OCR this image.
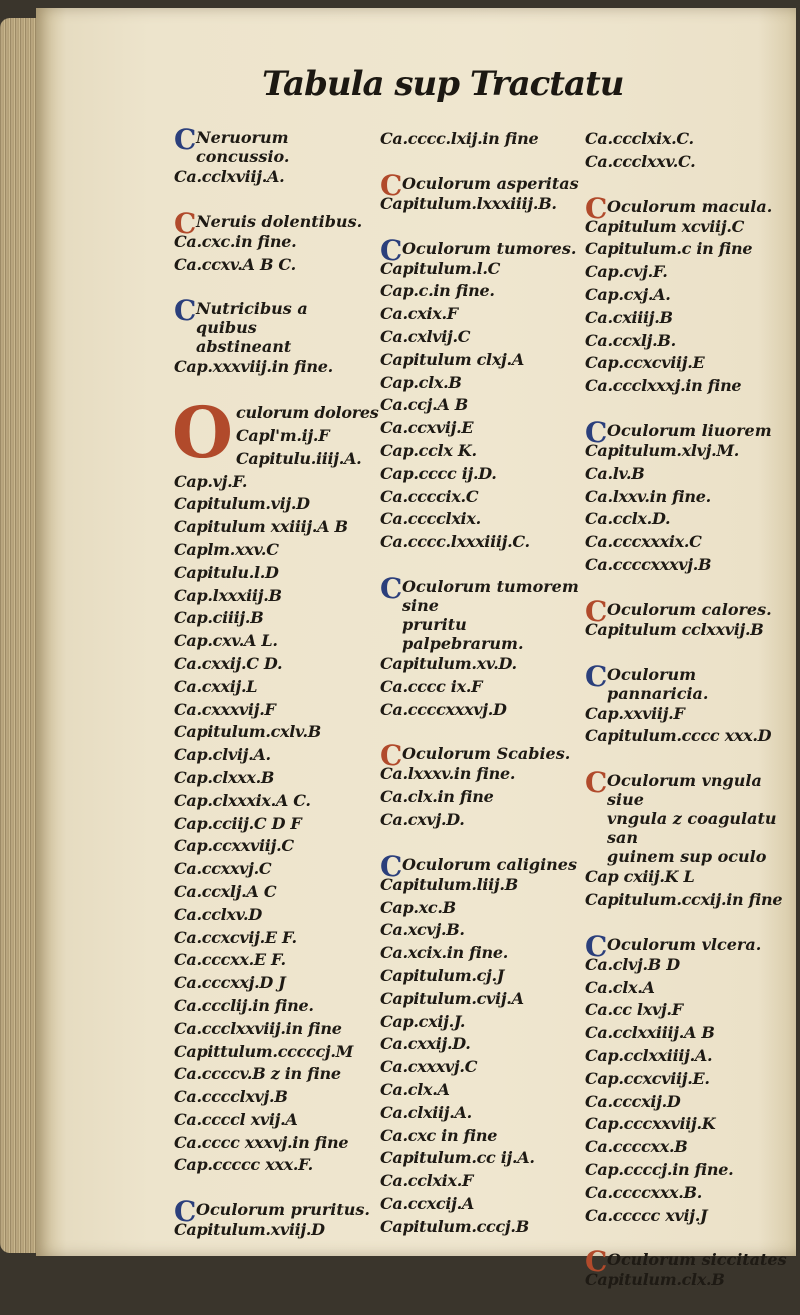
Tabula sup Tractatu
C Neruorum concussio.
Ca.cclxviij.A.
C Neruis dolentibus.
Ca.cxc.in fine.
Ca.ccxv.A B C.
C Nutricibus a quibus
abstineant
Cap.xxxviij.in fine.
O culorum dolores
Capl'm.ij.F
Capitulu.iiij.A.
Cap.vj.F.
Capitulum.vij.D
Capitulum xxiiij.A B
Caplm.xxv.C
Capitulu.l.D
Cap.lxxxiij.B
Cap.ciiij.B
Cap.cxv.A L.
Ca.cxxij.C D.
Ca.cxxij.L
Ca.cxxxvij.F
Capitulum.cxlv.B
Cap.clvij.A.
Cap.clxxx.B
Cap.clxxxix.A C.
Cap.cciij.C D F
Cap.ccxxviij.C
Ca.ccxxvj.C
Ca.ccxlj.A C
Ca.cclxv.D
Ca.ccxcvij.E F.
Ca.cccxx.E F.
Ca.cccxxj.D J
Ca.ccclij.in fine.
Ca.ccclxxviij.in fine
Capittulum.cccccj.M
Ca.ccccv.B z in fine
Ca.cccclxvj.B
Ca.ccccl xvij.A
Ca.cccc xxxvj.in fine
Cap.ccccc xxx.F.
C Oculorum pruritus.
Capitulum.xviij.D
Ca.cccc.lxij.in fine
C Oculorum asperitas
Capitulum.lxxxiiij.B.
C Oculorum tumores.
Capitulum.l.C
Cap.c.in fine.
Ca.cxix.F
Ca.cxlvij.C
Capitulum clxj.A
Cap.clx.B
Ca.ccj.A B
Ca.ccxvij.E
Cap.cclx K.
Cap.cccc ij.D.
Ca.ccccix.C
Ca.cccclxix.
Ca.cccc.lxxxiiij.C.
C Oculorum tumorem sine
pruritu palpebrarum.
Capitulum.xv.D.
Ca.cccc ix.F
Ca.ccccxxxvj.D
C Oculorum Scabies.
Ca.lxxxv.in fine.
Ca.clx.in fine
Ca.cxvj.D.
C Oculorum caligines
Capitulum.liij.B
Cap.xc.B
Ca.xcvj.B.
Ca.xcix.in fine.
Capitulum.cj.J
Capitulum.cvij.A
Cap.cxij.J.
Ca.cxxij.D.
Ca.cxxxvj.C
Ca.clx.A
Ca.clxiij.A.
Ca.cxc in fine
Capitulum.cc ij.A.
Ca.cclxix.F
Ca.ccxcij.A
Capitulum.cccj.B
Ca.ccclxix.C.
Ca.ccclxxv.C.
C Oculorum macula.
Capitulum xcviij.C
Capitulum.c in fine
Cap.cvj.F.
Cap.cxj.A.
Ca.cxiiij.B
Ca.ccxlj.B.
Cap.ccxcviij.E
Ca.ccclxxxj.in fine
C Oculorum liuorem
Capitulum.xlvj.M.
Ca.lv.B
Ca.lxxv.in fine.
Ca.cclx.D.
Ca.cccxxxix.C
Ca.ccccxxxvj.B
C Oculorum calores.
Capitulum cclxxvij.B
C Oculorum pannaricia.
Cap.xxviij.F
Capitulum.cccc xxx.D
C Oculorum vngula siue
vngula z coagulatu san
guinem sup oculo
Cap cxiij.K L
Capitulum.ccxij.in fine
C Oculorum vlcera.
Ca.clvj.B D
Ca.clx.A
Ca.cc lxvj.F
Ca.cclxxiiij.A B
Cap.cclxxiiij.A.
Cap.ccxcviij.E.
Ca.cccxij.D
Cap.cccxxviij.K
Ca.ccccxx.B
Cap.ccccj.in fine.
Ca.ccccxxx.B.
Ca.ccccc xvij.J
C Oculorum siccitates
Capitulum.clx.B
